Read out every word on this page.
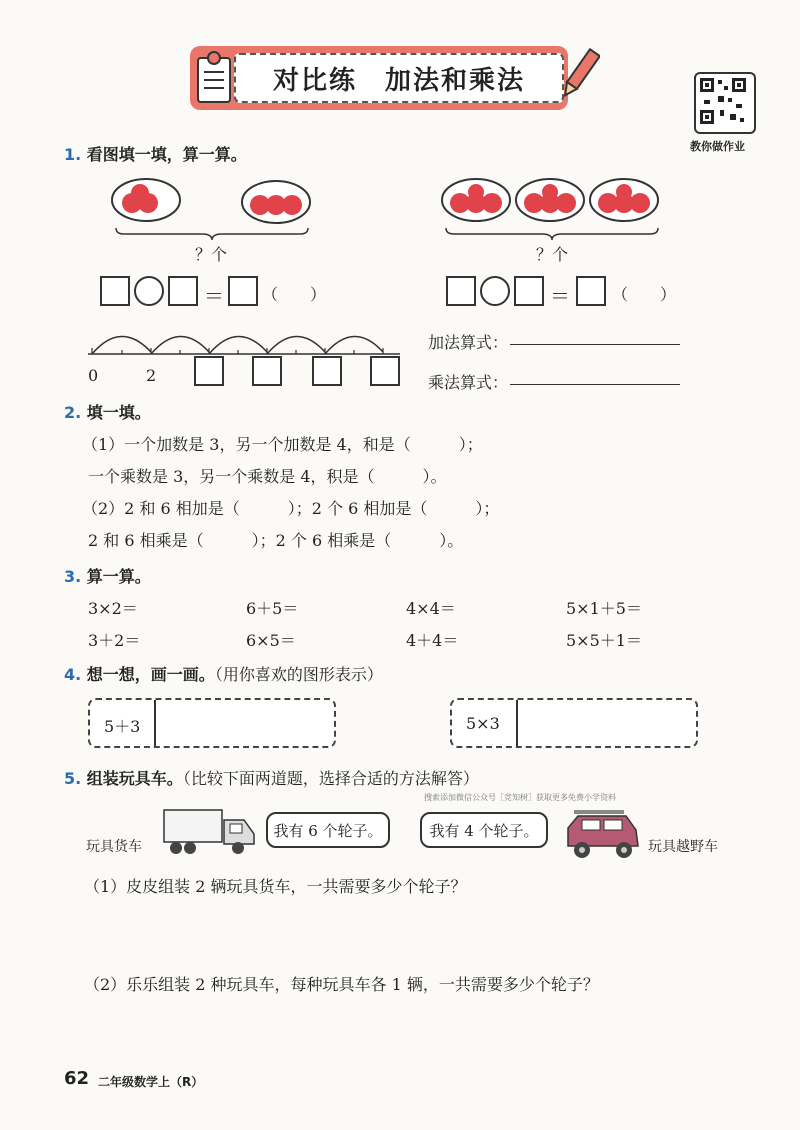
对比练　加法和乘法
教你做作业
1. 看图填一填，算一算。
？个	？个
＝ （　　）	＝	（　　）
0	2
加法算式：
乘法算式：
2. 填一填。
（1）一个加数是 3，另一个加数是 4，和是（　　　）；
一个乘数是 3，另一个乘数是 4，积是（　　　）。
（2）2 和 6 相加是（　　　）；2 个 6 相加是（　　　）；
2 和 6 相乘是（　　　）；2 个 6 相乘是（　　　）。
3. 算一算。
3×2＝	6＋5＝	4×4＝	5×1＋5＝
3＋2＝	6×5＝	4＋4＝	5×5＋1＝
4. 想一想，画一画。（用你喜欢的图形表示）
5＋3	5×3
5. 组装玩具车。（比较下面两道题，选择合适的方法解答）
搜索添加微信公众号［竞知树］获取更多免费小学资料
玩具货车
我有 6 个轮子。	我有 4 个轮子。
玩具越野车
（1）皮皮组装 2 辆玩具货车，一共需要多少个轮子？
（2）乐乐组装 2 种玩具车，每种玩具车各 1 辆，一共需要多少个轮子？
62 二年级数学上（R）
